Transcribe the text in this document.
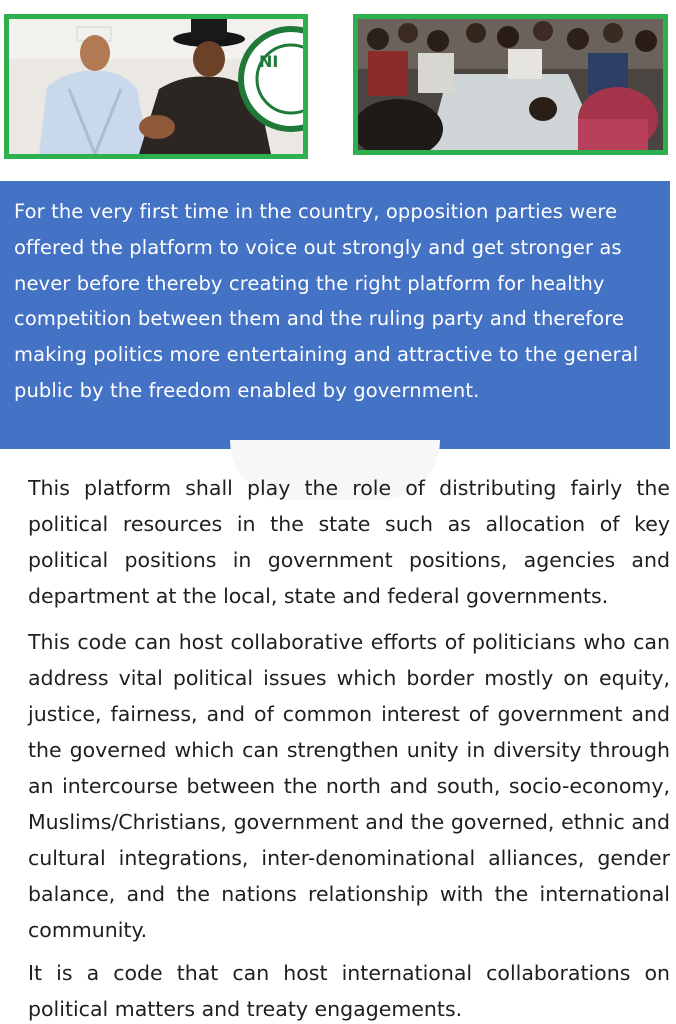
NI
For the very first time in the country, opposition parties were offered the platform to voice out strongly and get stronger as never before thereby creating the right platform for healthy competition between them and the ruling party and therefore making politics more entertaining and attractive to the general public by the freedom enabled by government.
This platform shall play the role of distributing fairly the political resources in the state such as allocation of key political positions in government positions, agencies and department at the local, state and federal governments.
This code can host collaborative efforts of politicians who can address vital political issues which border mostly on equity, justice, fairness, and of common interest of government and the governed which can strengthen unity in diversity through an intercourse between the north and south, socio-economy, Muslims/Christians, government and the governed, ethnic and cultural integrations, inter-denominational alliances, gender balance, and the nations relationship with the international community.
It is a code that can host international collaborations on political matters and treaty engagements.
